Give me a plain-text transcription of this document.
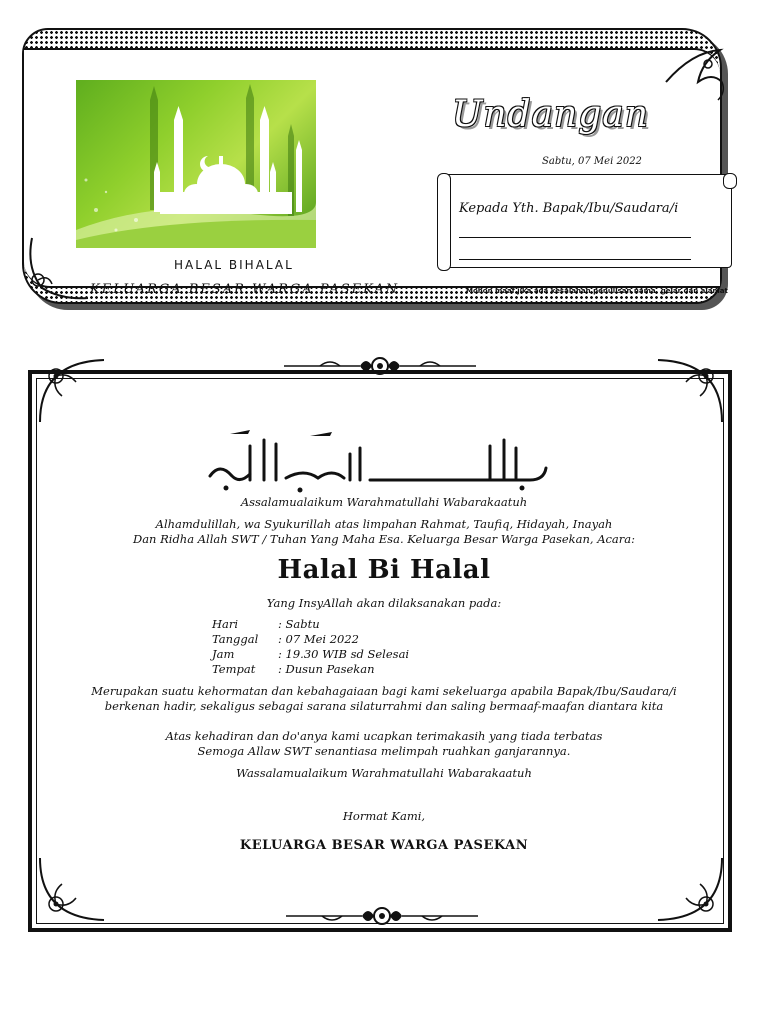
HALAL BIHALAL
KELUARGA BESAR WARGA PASEKAN
Undangan
Sabtu, 07 Mei 2022
Kepada Yth. Bapak/Ibu/Saudara/i
Mohon maaf jika ada kesalahan penulisan nama, gelar dan alamat
Assalamualaikum Warahmatullahi Wabarakaatuh
Alhamdulillah, wa Syukurillah atas limpahan Rahmat, Taufiq, Hidayah, Inayah
Dan Ridha Allah SWT / Tuhan Yang Maha Esa. Keluarga Besar Warga Pasekan, Acara:
Halal Bi Halal
Yang InsyAllah akan dilaksanakan pada:
Hari	: Sabtu
Tanggal	: 07 Mei 2022
Jam	: 19.30 WIB sd Selesai
Tempat	: Dusun Pasekan
Merupakan suatu kehormatan dan kebahagaiaan bagi kami sekeluarga apabila Bapak/Ibu/Saudara/i
berkenan hadir, sekaligus sebagai sarana silaturrahmi dan saling bermaaf-maafan diantara kita
Atas kehadiran dan do'anya kami ucapkan terimakasih yang tiada terbatas
Semoga Allaw SWT senantiasa melimpah ruahkan ganjarannya.
Wassalamualaikum Warahmatullahi Wabarakaatuh
Hormat Kami,
KELUARGA BESAR WARGA PASEKAN
